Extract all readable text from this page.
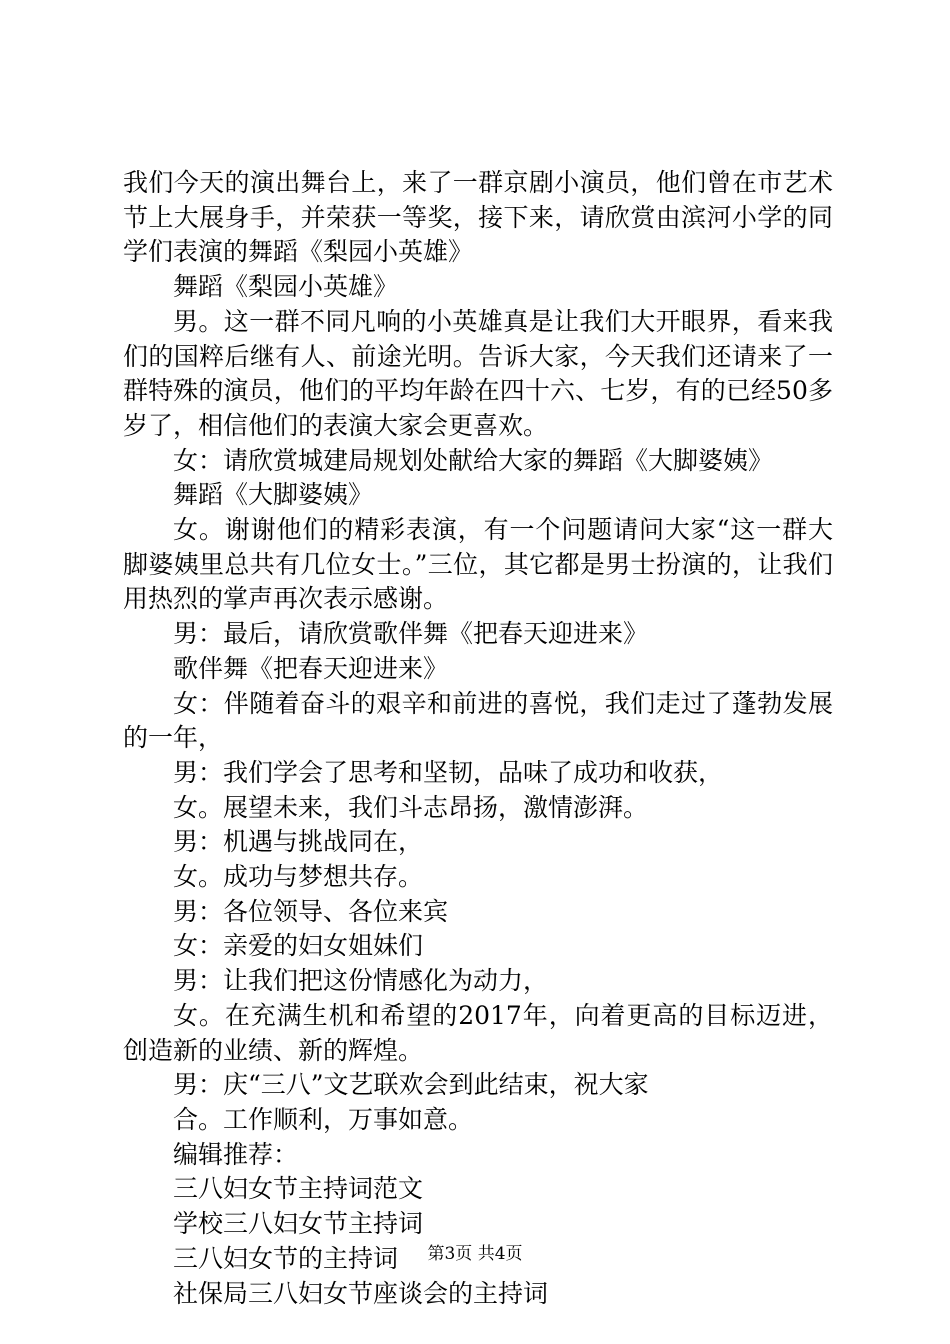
我们今天的演出舞台上，来了一群京剧小演员，他们曾在市艺术节上大展身手，并荣获一等奖，接下来，请欣赏由滨河小学的同学们表演的舞蹈《梨园小英雄》

舞蹈《梨园小英雄》

男。这一群不同凡响的小英雄真是让我们大开眼界，看来我们的国粹后继有人、前途光明。告诉大家，今天我们还请来了一群特殊的演员，他们的平均年龄在四十六、七岁，有的已经50多岁了，相信他们的表演大家会更喜欢。

女：请欣赏城建局规划处献给大家的舞蹈《大脚婆姨》

舞蹈《大脚婆姨》

女。谢谢他们的精彩表演，有一个问题请问大家“这一群大脚婆姨里总共有几位女士。”三位，其它都是男士扮演的，让我们用热烈的掌声再次表示感谢。

男：最后，请欣赏歌伴舞《把春天迎进来》

歌伴舞《把春天迎进来》

女：伴随着奋斗的艰辛和前进的喜悦，我们走过了蓬勃发展的一年，

男：我们学会了思考和坚韧，品味了成功和收获，

女。展望未来，我们斗志昂扬，激情澎湃。

男：机遇与挑战同在，

女。成功与梦想共存。

男：各位领导、各位来宾

女：亲爱的妇女姐妹们

男：让我们把这份情感化为动力，

女。在充满生机和希望的2017年，向着更高的目标迈进，创造新的业绩、新的辉煌。

男：庆“三八”文艺联欢会到此结束，祝大家

合。工作顺利，万事如意。

编辑推荐：

三八妇女节主持词范文

学校三八妇女节主持词

三八妇女节的主持词

社保局三八妇女节座谈会的主持词

第3页 共4页
